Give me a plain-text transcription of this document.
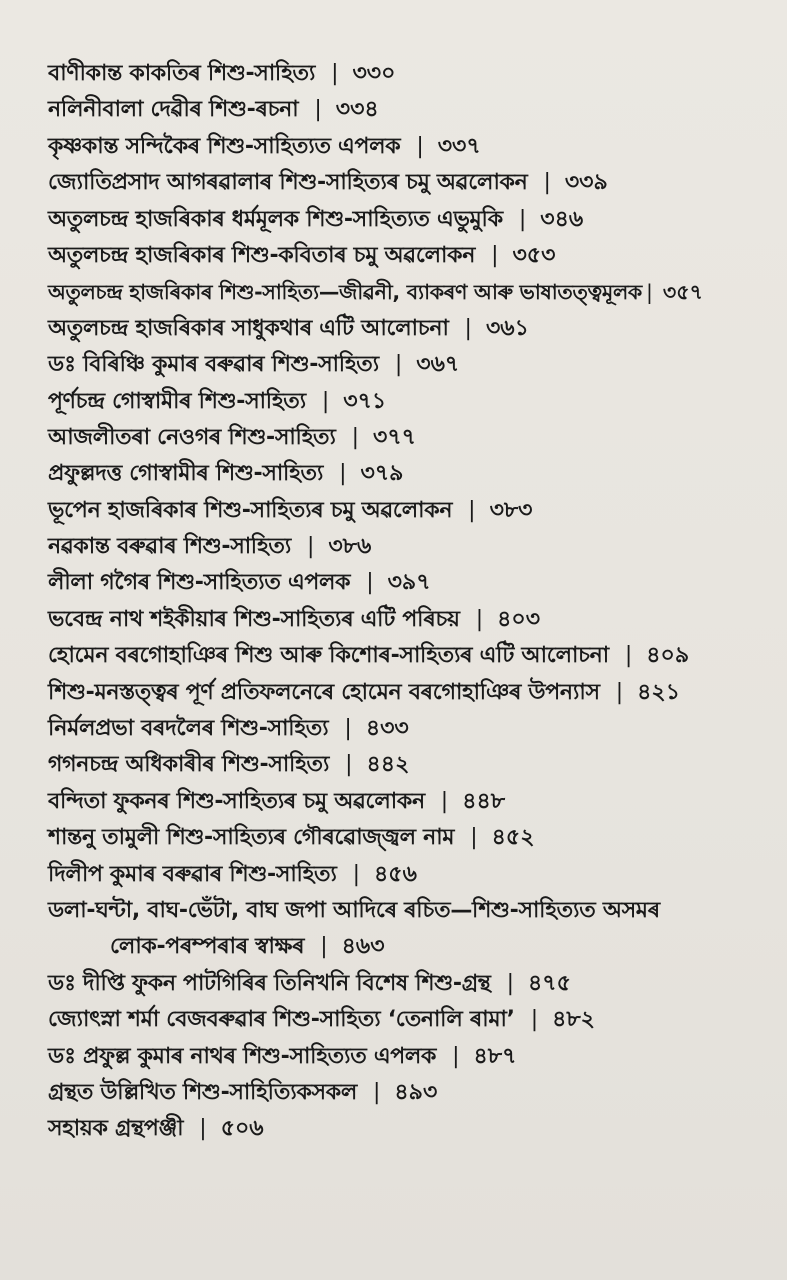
বাণীকান্ত কাকতিৰ শিশু-সাহিত্য | ৩৩০
নলিনীবালা দেৱীৰ শিশু-ৰচনা | ৩৩৪
কৃষ্ণকান্ত সন্দিকৈৰ শিশু-সাহিত্যত এপলক | ৩৩৭
জ্যোতিপ্ৰসাদ আগৰৱালাৰ শিশু-সাহিত্যৰ চমু অৱলোকন | ৩৩৯
অতুলচন্দ্ৰ হাজৰিকাৰ ধৰ্মমূলক শিশু-সাহিত্যত এভুমুকি | ৩৪৬
অতুলচন্দ্ৰ হাজৰিকাৰ শিশু-কবিতাৰ চমু অৱলোকন | ৩৫৩
অতুলচন্দ্ৰ হাজৰিকাৰ শিশু-সাহিত্য—জীৱনী, ব্যাকৰণ আৰু ভাষাতত্ত্বমূলক | ৩৫৭
অতুলচন্দ্ৰ হাজৰিকাৰ সাধুকথাৰ এটি আলোচনা | ৩৬১
ডঃ বিৰিঞ্চি কুমাৰ বৰুৱাৰ শিশু-সাহিত্য | ৩৬৭
পূৰ্ণচন্দ্ৰ গোস্বামীৰ শিশু-সাহিত্য | ৩৭১
আজলীতৰা নেওগৰ শিশু-সাহিত্য | ৩৭৭
প্ৰফুল্লদত্ত গোস্বামীৰ শিশু-সাহিত্য | ৩৭৯
ভূপেন হাজৰিকাৰ শিশু-সাহিত্যৰ চমু অৱলোকন | ৩৮৩
নৱকান্ত বৰুৱাৰ শিশু-সাহিত্য | ৩৮৬
লীলা গগৈৰ শিশু-সাহিত্যত এপলক | ৩৯৭
ভবেন্দ্ৰ নাথ শইকীয়াৰ শিশু-সাহিত্যৰ এটি পৰিচয় | ৪০৩
হোমেন বৰগোহাঞিৰ শিশু আৰু কিশোৰ-সাহিত্যৰ এটি আলোচনা | ৪০৯
শিশু-মনস্তত্ত্বৰ পূৰ্ণ প্ৰতিফলনেৰে হোমেন বৰগোহাঞিৰ উপন্যাস | ৪২১
নিৰ্মলপ্ৰভা বৰদলৈৰ শিশু-সাহিত্য | ৪৩৩
গগনচন্দ্ৰ অধিকাৰীৰ শিশু-সাহিত্য | ৪৪২
বন্দিতা ফুকনৰ শিশু-সাহিত্যৰ চমু অৱলোকন | ৪৪৮
শান্তনু তামুলী শিশু-সাহিত্যৰ গৌৰৱোজ্জ্বল নাম | ৪৫২
দিলীপ কুমাৰ বৰুৱাৰ শিশু-সাহিত্য | ৪৫৬
ডলা-ঘন্টা, বাঘ-ভেঁটা, বাঘ জপা আদিৰে ৰচিত—শিশু-সাহিত্যত অসমৰ
লোক-পৰম্পৰাৰ স্বাক্ষৰ | ৪৬৩
ডঃ দীপ্তি ফুকন পাটগিৰিৰ তিনিখনি বিশেষ শিশু-গ্ৰন্থ | ৪৭৫
জ্যোৎস্না শৰ্মা বেজবৰুৱাৰ শিশু-সাহিত্য ‘তেনালি ৰামা’ | ৪৮২
ডঃ প্ৰফুল্ল কুমাৰ নাথৰ শিশু-সাহিত্যত এপলক | ৪৮৭
গ্ৰন্থত উল্লিখিত শিশু-সাহিত্যিকসকল | ৪৯৩
সহায়ক গ্ৰন্থপঞ্জী | ৫০৬
